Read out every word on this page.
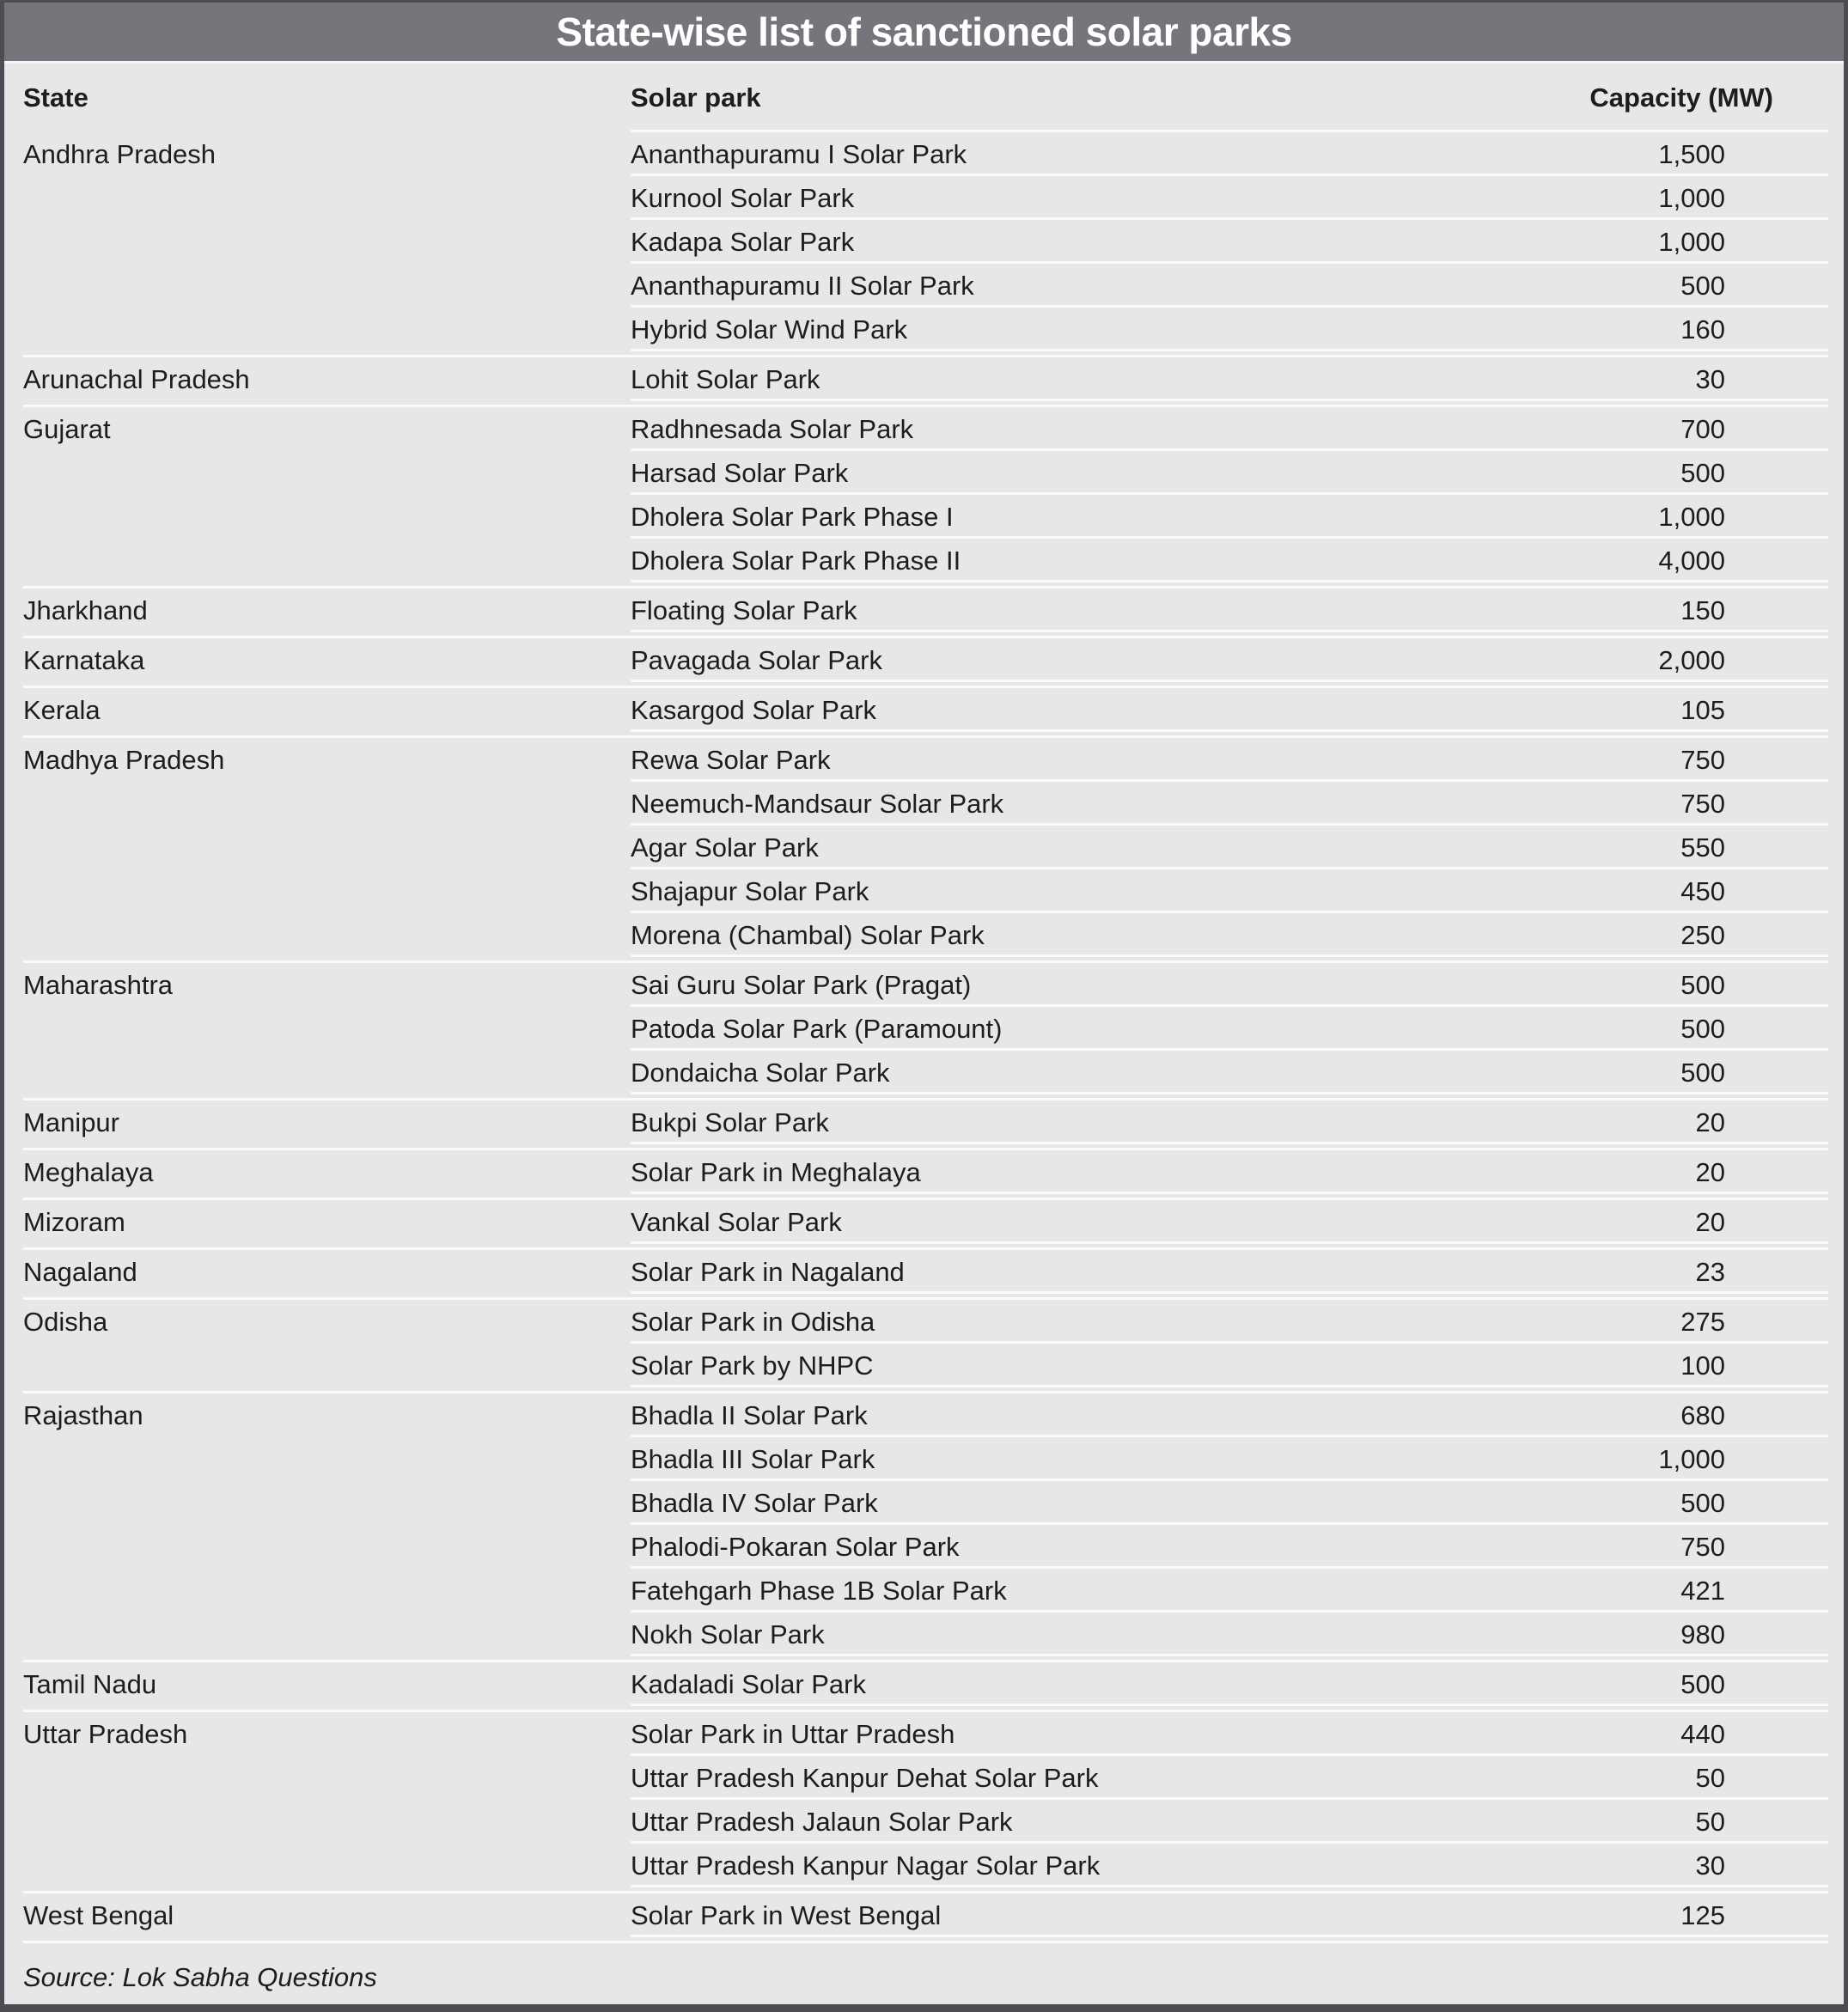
State-wise list of sanctioned solar parks
State	Solar park	Capacity (MW)
Andhra Pradesh	Ananthapuramu I Solar Park	1,500
Kurnool Solar Park	1,000
Kadapa Solar Park	1,000
Ananthapuramu II Solar Park	500
Hybrid Solar Wind Park	160
Arunachal Pradesh	Lohit Solar Park	30
Gujarat	Radhnesada Solar Park	700
Harsad Solar Park	500
Dholera Solar Park Phase I	1,000
Dholera Solar Park Phase II	4,000
Jharkhand	Floating Solar Park	150
Karnataka	Pavagada Solar Park	2,000
Kerala	Kasargod Solar Park	105
Madhya Pradesh	Rewa Solar Park	750
Neemuch-Mandsaur Solar Park	750
Agar Solar Park	550
Shajapur Solar Park	450
Morena (Chambal) Solar Park	250
Maharashtra	Sai Guru Solar Park (Pragat)	500
Patoda Solar Park (Paramount)	500
Dondaicha Solar Park	500
Manipur	Bukpi Solar Park	20
Meghalaya	Solar Park in Meghalaya	20
Mizoram	Vankal Solar Park	20
Nagaland	Solar Park in Nagaland	23
Odisha	Solar Park in Odisha	275
Solar Park by NHPC	100
Rajasthan	Bhadla II Solar Park	680
Bhadla III Solar Park	1,000
Bhadla IV Solar Park	500
Phalodi-Pokaran Solar Park	750
Fatehgarh Phase 1B Solar Park	421
Nokh Solar Park	980
Tamil Nadu	Kadaladi Solar Park	500
Uttar Pradesh	Solar Park in Uttar Pradesh	440
Uttar Pradesh Kanpur Dehat Solar Park	50
Uttar Pradesh Jalaun Solar Park	50
Uttar Pradesh Kanpur Nagar Solar Park	30
West Bengal	Solar Park in West Bengal	125
Source: Lok Sabha Questions
